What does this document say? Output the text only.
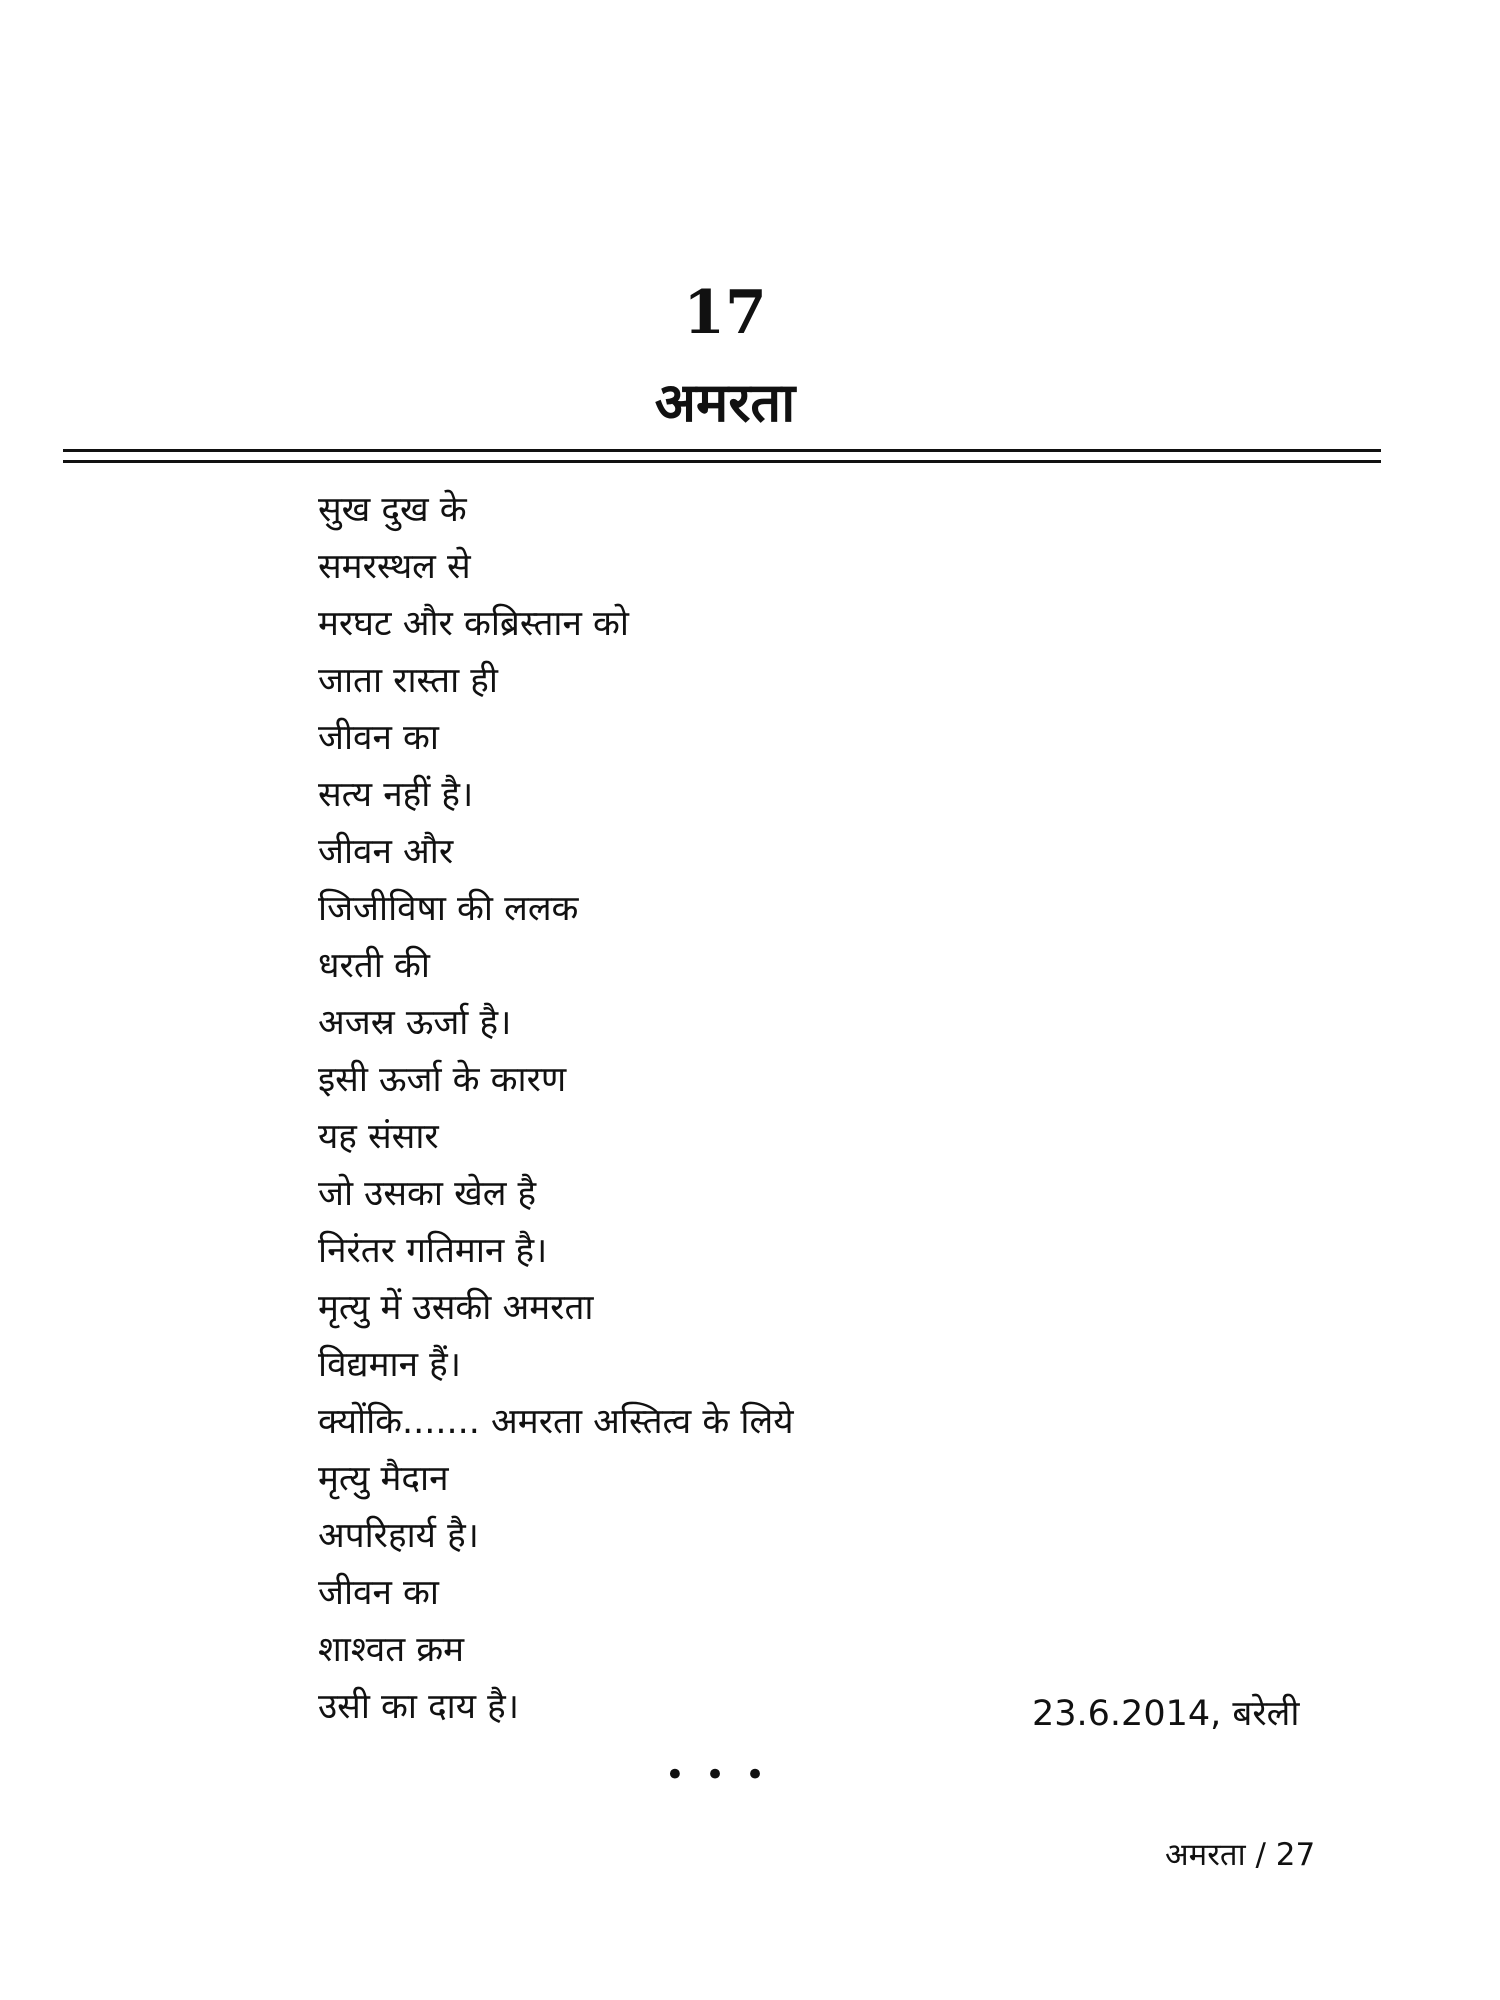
17
अमरता
सुख दुख के
समरस्थल से
मरघट और कब्रिस्तान को
जाता रास्ता ही
जीवन का
सत्य नहीं है।
जीवन और
जिजीविषा की ललक
धरती की
अजस्र ऊर्जा है।
इसी ऊर्जा के कारण
यह संसार
जो उसका खेल है
निरंतर गतिमान है।
मृत्यु में उसकी अमरता
विद्यमान हैं।
क्योंकि....... अमरता अस्तित्व के लिये
मृत्यु मैदान
अपरिहार्य है।
जीवन का
शाश्वत क्रम
उसी का दाय है।	23.6.2014, बरेली
•••
अमरता / 27
